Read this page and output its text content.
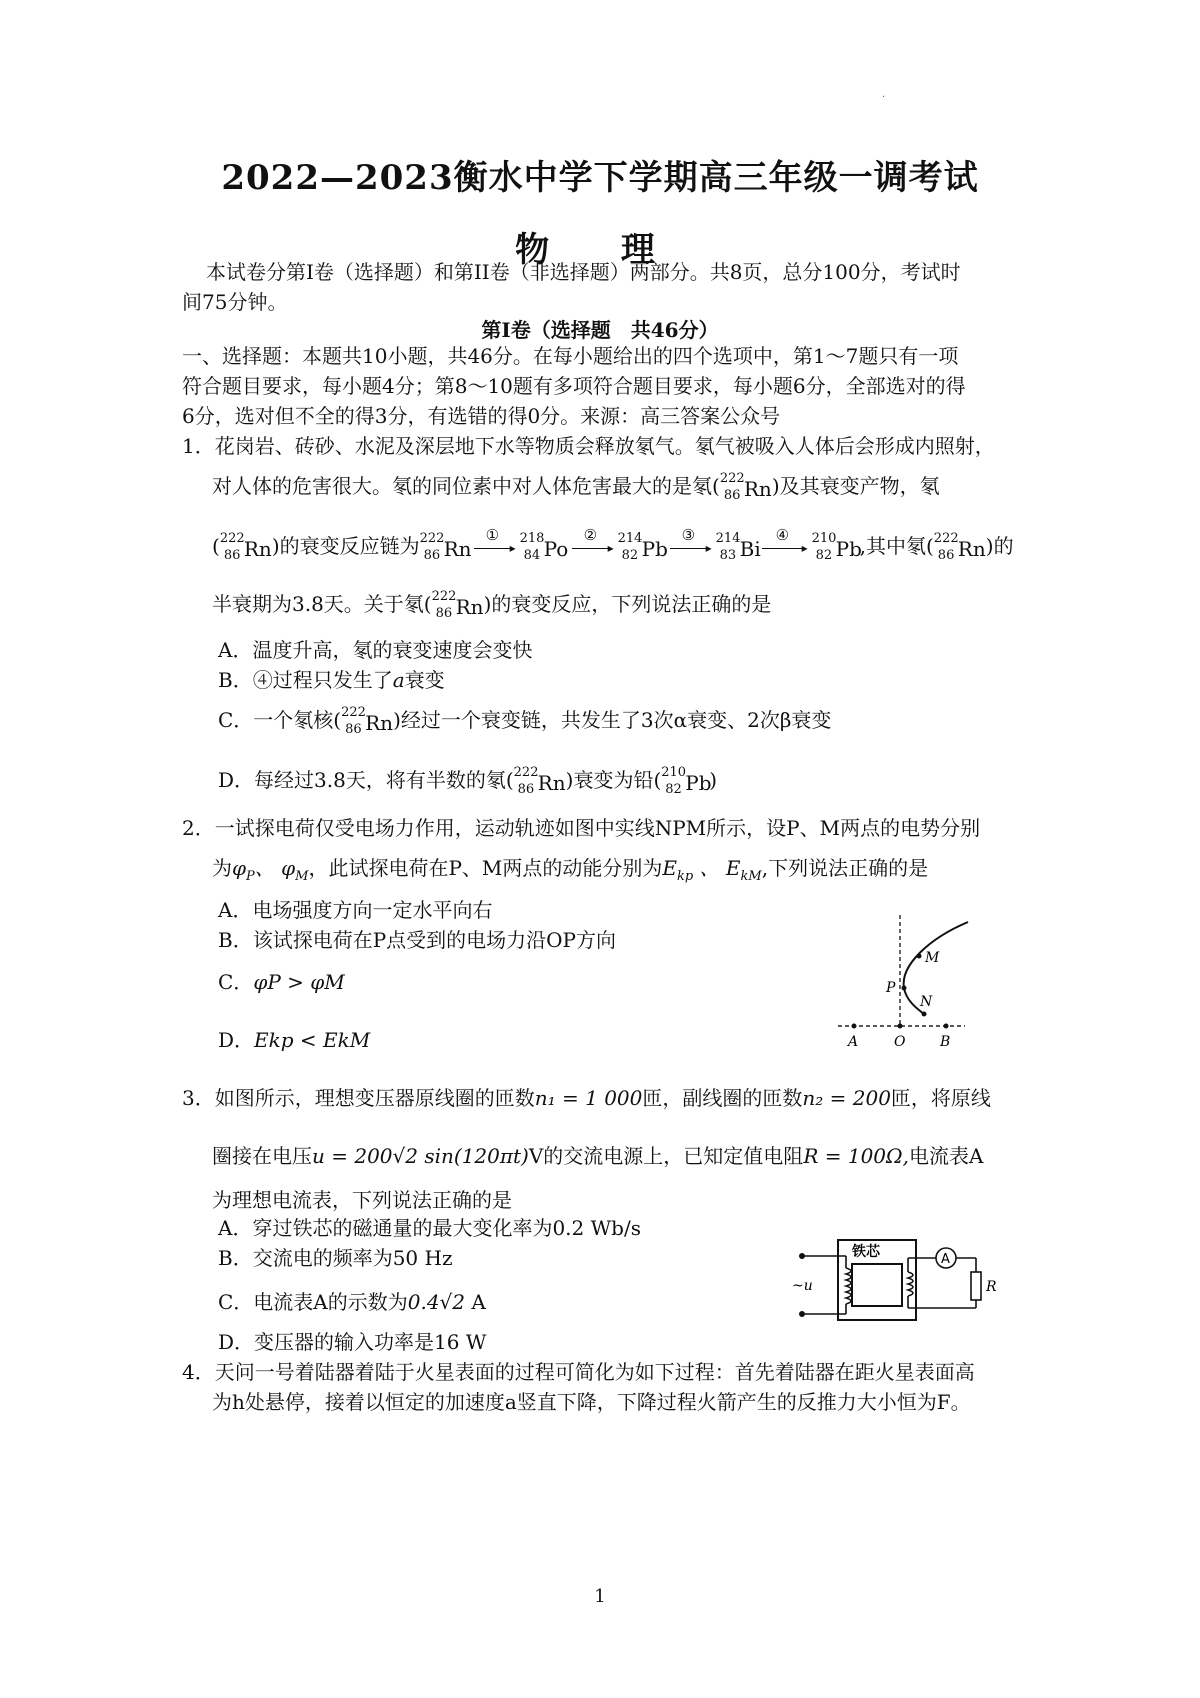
·
2022—2023衡水中学下学期高三年级一调考试
物 理
本试卷分第I卷（选择题）和第II卷（非选择题）两部分。共8页，总分100分，考试时
间75分钟。
第I卷（选择题　共46分）
一、选择题：本题共10小题，共46分。在每小题给出的四个选项中，第1〜7题只有一项
符合题目要求，每小题4分；第8〜10题有多项符合题目要求，每小题6分，全部选对的得
6分，选对但不全的得3分，有选错的得0分。来源：高三答案公众号
1．花岗岩、砖砂、水泥及深层地下水等物质会释放氡气。氡气被吸入人体后会形成内照射，
对人体的危害很大。氡的同位素中对人体危害最大的是氡( 222
86 Rn )及其衰变产物，氡
( 222
86 Rn )的衰变反应链为 222
86 Rn
①
▸
218
84 Po
②
▸
214
82 Pb
③
▸
214
83 Bi
④
▸
210
82 Pb
,其中氡( 222
86 Rn )的
半衰期为3.8天。关于氡( 222
86 Rn )的衰变反应，下列说法正确的是
A．温度升高，氡的衰变速度会变快
B．④过程只发生了a衰变
C．一个氡核( 222
86 Rn )经过一个衰变链，共发生了3次α衰变、2次β衰变
D．每经过3.8天，将有半数的氡( 222
86 Rn )衰变为铅( 210
82 Pb
)
2．一试探电荷仅受电场力作用，运动轨迹如图中实线NPM所示，设P、M两点的电势分别
为$\varphi_P$、 $\varphi_M$，此试探电荷在P、M两点的动能分别为$E_{kp}$ 、 $E_{kM}$,下列说法正确的是
A．电场强度方向一定水平向右
B．该试探电荷在P点受到的电场力沿OP方向
C．φP > φM
D．Ekp < EkM
M
P
N
A	O B
3．如图所示，理想变压器原线圈的匝数n₁ = 1 000匝，副线圈的匝数n₂ = 200匝，将原线
圈接在电压u = 200√2 sin(120πt)V的交流电源上，已知定值电阻R = 100Ω,电流表A
为理想电流表，下列说法正确的是
A．穿过铁芯的磁通量的最大变化率为0.2 Wb/s
B．交流电的频率为50 Hz
C．电流表A的示数为0.4√2 A
D．变压器的输入功率是16 W
铁芯
~u
A
R
4．天问一号着陆器着陆于火星表面的过程可简化为如下过程：首先着陆器在距火星表面高
为h处悬停，接着以恒定的加速度a竖直下降，下降过程火箭产生的反推力大小恒为F。
1
